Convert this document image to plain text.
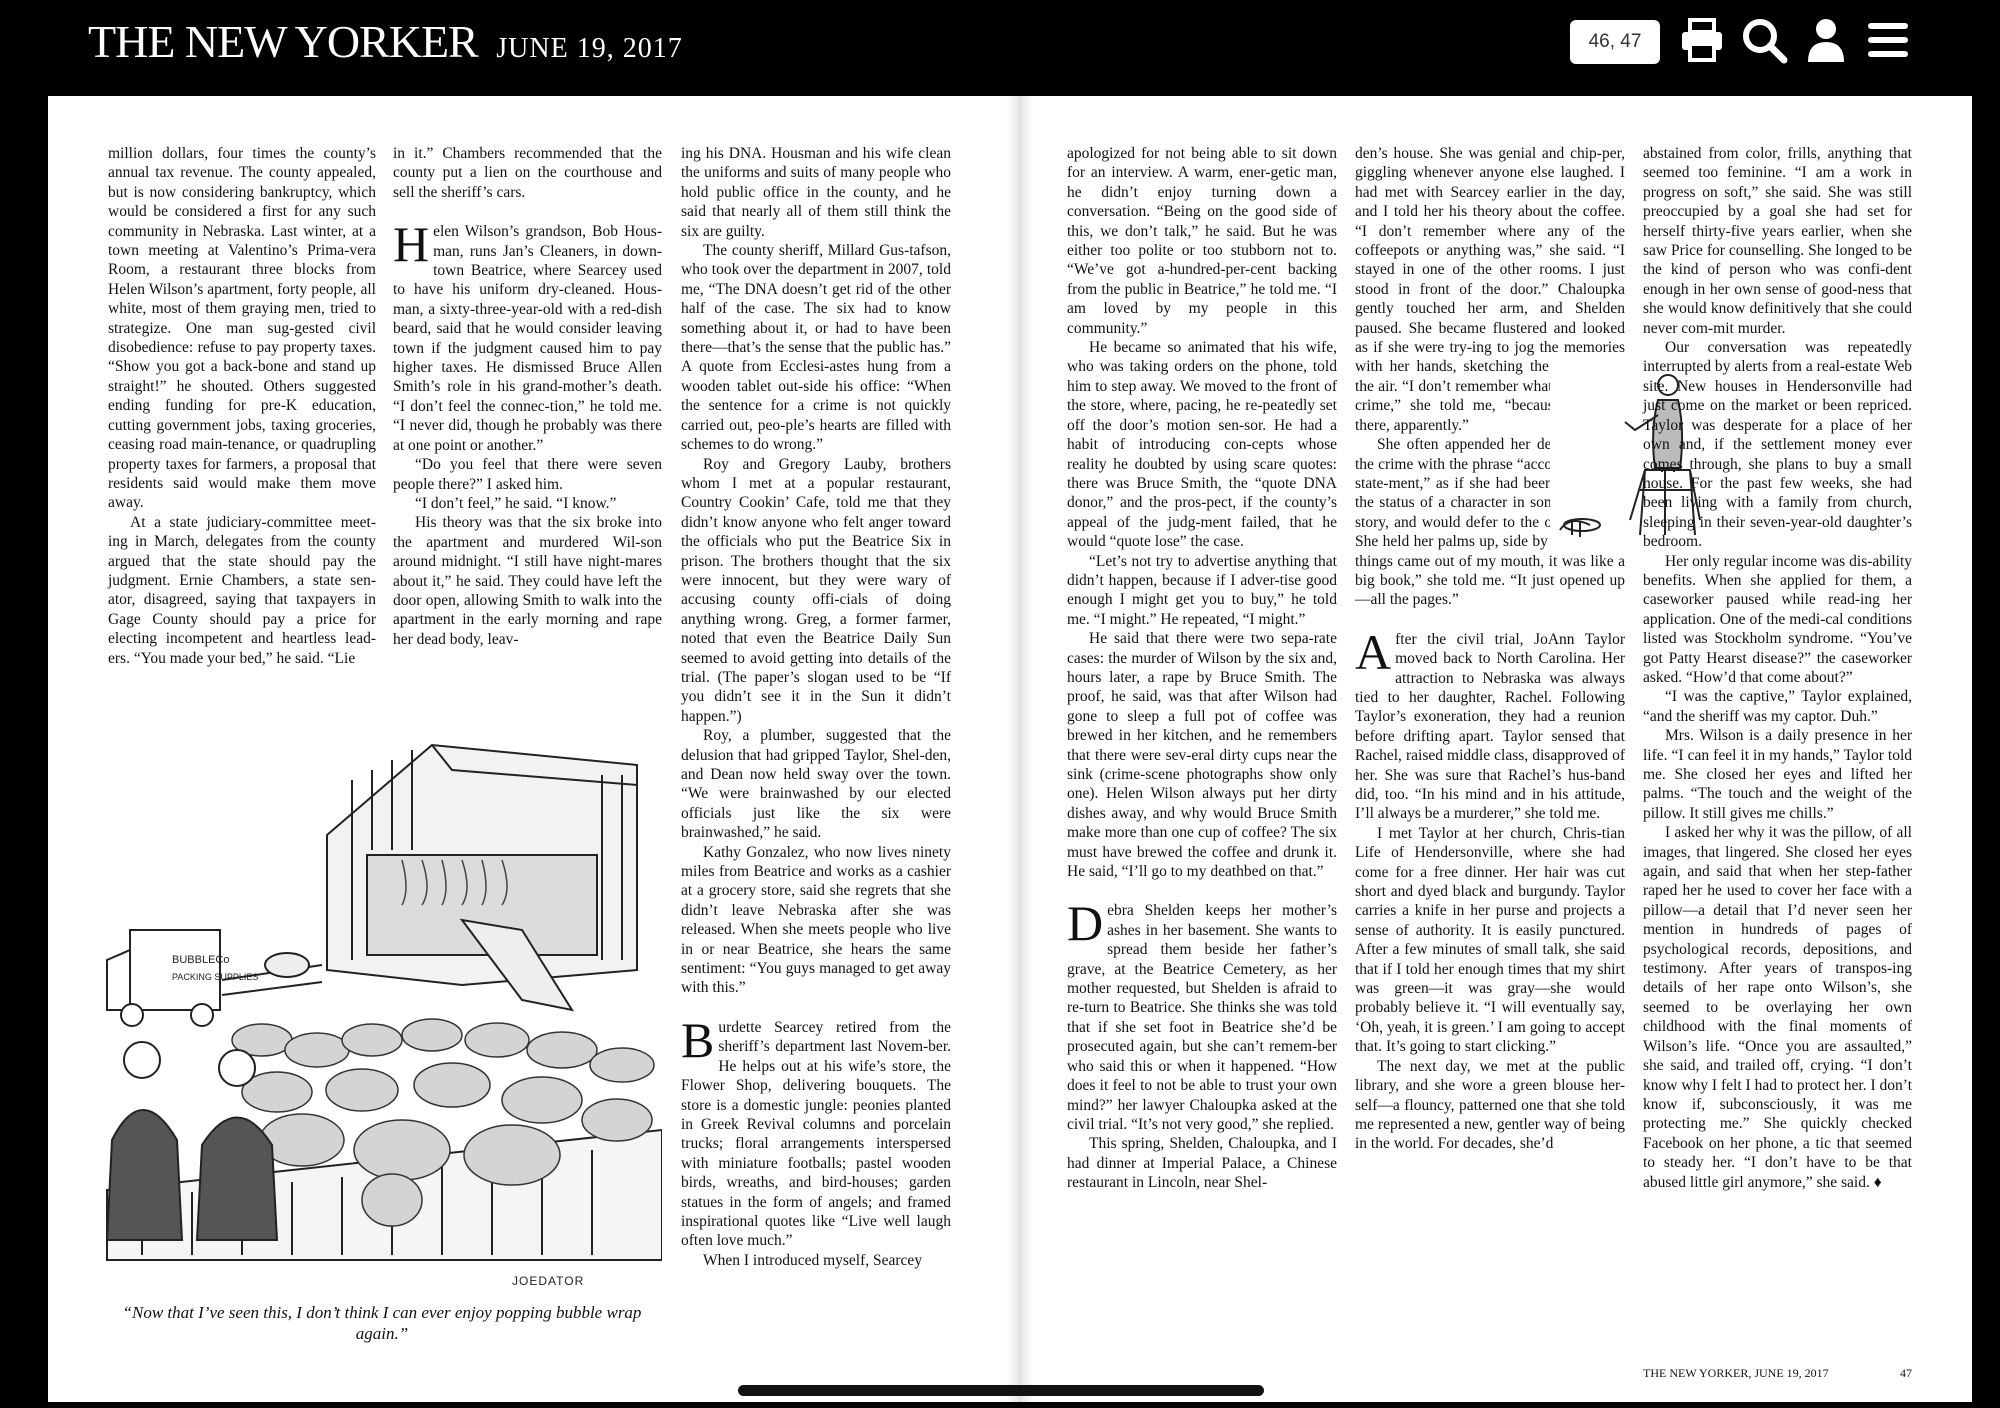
THE NEW YORKER JUNE 19, 2017	46, 47

million dollars, four times the county’s annual tax revenue. The county appealed, but is now considering bankruptcy, which would be considered a first for any such community in Nebraska. Last winter, at a town meeting at Valentino’s Prima-vera Room, a restaurant three blocks from Helen Wilson’s apartment, forty people, all white, most of them graying men, tried to strategize. One man sug-gested civil disobedience: refuse to pay property taxes. “Show you got a back-bone and stand up straight!” he shouted. Others suggested ending funding for pre-K education, cutting government jobs, taxing groceries, ceasing road main-tenance, or quadrupling property taxes for farmers, a proposal that residents said would make them move away.

At a state judiciary-committee meet-ing in March, delegates from the county argued that the state should pay the judgment. Ernie Chambers, a state sen-ator, disagreed, saying that taxpayers in Gage County should pay a price for electing incompetent and heartless lead-ers. “You made your bed,” he said. “Lie

in it.” Chambers recommended that the county put a lien on the courthouse and sell the sheriff’s cars.

Helen Wilson’s grandson, Bob Hous-man, runs Jan’s Cleaners, in down-town Beatrice, where Searcey used to have his uniform dry-cleaned. Hous-man, a sixty-three-year-old with a red-dish beard, said that he would consider leaving town if the judgment caused him to pay higher taxes. He dismissed Bruce Allen Smith’s role in his grand-mother’s death. “I don’t feel the connec-tion,” he told me. “I never did, though he probably was there at one point or another.”

“Do you feel that there were seven people there?” I asked him.

“I don’t feel,” he said. “I know.”

His theory was that the six broke into the apartment and murdered Wil-son around midnight. “I still have night-mares about it,” he said. They could have left the door open, allowing Smith to walk into the apartment in the early morning and rape her dead body, leav-

BUBBLECo
PACKING SUPPLIES
JOEDATOR
“Now that I’ve seen this, I don’t think I can ever enjoy popping bubble wrap again.”

ing his DNA. Housman and his wife clean the uniforms and suits of many people who hold public office in the county, and he said that nearly all of them still think the six are guilty.

The county sheriff, Millard Gus-tafson, who took over the department in 2007, told me, “The DNA doesn’t get rid of the other half of the case. The six had to know something about it, or had to have been there—that’s the sense that the public has.” A quote from Ecclesi-astes hung from a wooden tablet out-side his office: “When the sentence for a crime is not quickly carried out, peo-ple’s hearts are filled with schemes to do wrong.”

Roy and Gregory Lauby, brothers whom I met at a popular restaurant, Country Cookin’ Cafe, told me that they didn’t know anyone who felt anger toward the officials who put the Beatrice Six in prison. The brothers thought that the six were innocent, but they were wary of accusing county offi-cials of doing anything wrong. Greg, a former farmer, noted that even the Beatrice Daily Sun seemed to avoid getting into details of the trial. (The paper’s slogan used to be “If you didn’t see it in the Sun it didn’t happen.”)

Roy, a plumber, suggested that the delusion that had gripped Taylor, Shel-den, and Dean now held sway over the town. “We were brainwashed by our elected officials just like the six were brainwashed,” he said.

Kathy Gonzalez, who now lives ninety miles from Beatrice and works as a cashier at a grocery store, said she regrets that she didn’t leave Nebraska after she was released. When she meets people who live in or near Beatrice, she hears the same sentiment: “You guys managed to get away with this.”

Burdette Searcey retired from the sheriff’s department last Novem-ber. He helps out at his wife’s store, the Flower Shop, delivering bouquets. The store is a domestic jungle: peonies planted in Greek Revival columns and porcelain trucks; floral arrangements interspersed with miniature footballs; pastel wooden birds, wreaths, and bird-houses; garden statues in the form of angels; and framed inspirational quotes like “Live well laugh often love much.”

When I introduced myself, Searcey

apologized for not being able to sit down for an interview. A warm, ener-getic man, he didn’t enjoy turning down a conversation. “Being on the good side of this, we don’t talk,” he said. But he was either too polite or too stubborn not to. “We’ve got a-hundred-per-cent backing from the public in Beatrice,” he told me. “I am loved by my people in this community.”

He became so animated that his wife, who was taking orders on the phone, told him to step away. We moved to the front of the store, where, pacing, he re-peatedly set off the door’s motion sen-sor. He had a habit of introducing con-cepts whose reality he doubted by using scare quotes: there was Bruce Smith, the “quote DNA donor,” and the pros-pect, if the county’s appeal of the judg-ment failed, that he would “quote lose” the case.

“Let’s not try to advertise anything that didn’t happen, because if I adver-tise good enough I might get you to buy,” he told me. “I might.” He repeated, “I might.”

He said that there were two sepa-rate cases: the murder of Wilson by the six and, hours later, a rape by Bruce Smith. The proof, he said, was that after Wilson had gone to sleep a full pot of coffee was brewed in her kitchen, and he remembers that there were sev-eral dirty cups near the sink (crime-scene photographs show only one). Helen Wilson always put her dirty dishes away, and why would Bruce Smith make more than one cup of coffee? The six must have brewed the coffee and drunk it. He said, “I’ll go to my deathbed on that.”

Debra Shelden keeps her mother’s ashes in her basement. She wants to spread them beside her father’s grave, at the Beatrice Cemetery, as her mother requested, but Shelden is afraid to re-turn to Beatrice. She thinks she was told that if she set foot in Beatrice she’d be prosecuted again, but she can’t remem-ber who said this or when it happened. “How does it feel to not be able to trust your own mind?” her lawyer Chaloupka asked at the civil trial. “It’s not very good,” she replied.

This spring, Shelden, Chaloupka, and I had dinner at Imperial Palace, a Chinese restaurant in Lincoln, near Shel-

den’s house. She was genial and chip-per, giggling whenever anyone else laughed. I had met with Searcey earlier in the day, and I told her his theory about the coffee. “I don’t remember where any of the coffeepots or anything was,” she said. “I stayed in one of the other rooms. I just stood in front of the door.” Chaloupka gently touched her arm, and Shelden paused. She became flustered and looked as if she were try-ing to jog the memories with her hands, sketching the answers in the air. “I don’t remember what I did at the crime,” she told me, “because I wasn’t there, apparently.”

She often appended her description of the crime with the phrase “according to my state-ment,” as if she had been reduced to the status of a character in someone else’s story, and would defer to the original text. She held her palms up, side by side. “Once things came out of my mouth, it was like a big book,” she told me. “It just opened up—all the pages.”

After the civil trial, JoAnn Taylor moved back to North Carolina. Her attraction to Nebraska was always tied to her daughter, Rachel. Following Taylor’s exoneration, they had a reunion before drifting apart. Taylor sensed that Rachel, raised middle class, disapproved of her. She was sure that Rachel’s hus-band did, too. “In his mind and in his attitude, I’ll always be a murderer,” she told me.

I met Taylor at her church, Chris-tian Life of Hendersonville, where she had come for a free dinner. Her hair was cut short and dyed black and burgundy. Taylor carries a knife in her purse and projects a sense of authority. It is easily punctured. After a few minutes of small talk, she said that if I told her enough times that my shirt was green—it was gray—she would probably believe it. “I will eventually say, ‘Oh, yeah, it is green.’ I am going to accept that. It’s going to start clicking.”

The next day, we met at the public library, and she wore a green blouse her-self—a flouncy, patterned one that she told me represented a new, gentler way of being in the world. For decades, she’d

abstained from color, frills, anything that seemed too feminine. “I am a work in progress on soft,” she said. She was still preoccupied by a goal she had set for herself thirty-five years earlier, when she saw Price for counselling. She longed to be the kind of person who was confi-dent enough in her own sense of good-ness that she would know definitively that she could never com-mit murder.

Our conversation was repeatedly interrupted by alerts from a real-estate Web site. New houses in Hendersonville had just come on the market or been repriced. Taylor was desperate for a place of her own and, if the settlement money ever comes through, she plans to buy a small house. For the past few weeks, she had been living with a family from church, sleeping in their seven-year-old daughter’s bedroom.

Her only regular income was dis-ability benefits. When she applied for them, a caseworker paused while read-ing her application. One of the medi-cal conditions listed was Stockholm syndrome. “You’ve got Patty Hearst disease?” the caseworker asked. “How’d that come about?”

“I was the captive,” Taylor explained, “and the sheriff was my captor. Duh.”

Mrs. Wilson is a daily presence in her life. “I can feel it in my hands,” Taylor told me. She closed her eyes and lifted her palms. “The touch and the weight of the pillow. It still gives me chills.”

I asked her why it was the pillow, of all images, that lingered. She closed her eyes again, and said that when her step-father raped her he used to cover her face with a pillow—a detail that I’d never seen her mention in hundreds of pages of psychological records, depositions, and testimony. After years of transpos-ing details of her rape onto Wilson’s, she seemed to be overlaying her own childhood with the final moments of Wilson’s life. “Once you are assaulted,” she said, and trailed off, crying. “I don’t know why I felt I had to protect her. I don’t know if, subconsciously, it was me protecting me.” She quickly checked Facebook on her phone, a tic that seemed to steady her. “I don’t have to be that abused little girl anymore,” she said. ♦

THE NEW YORKER, JUNE 19, 2017	47
